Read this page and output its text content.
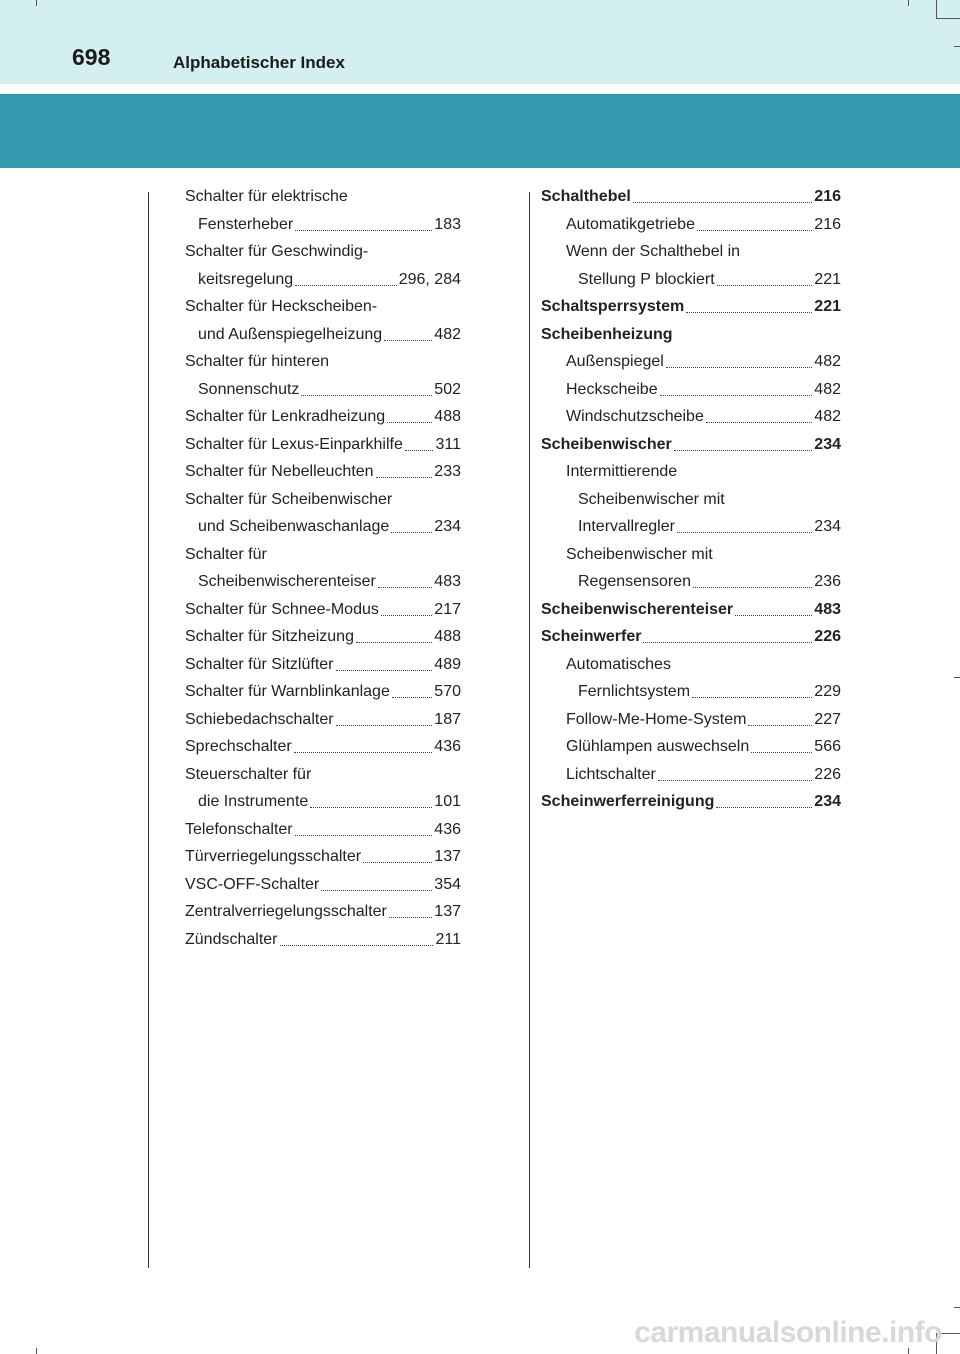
698	Alphabetischer Index
Schalter für elektrische
Fensterheber	183
Schalter für Geschwindig-
keitsregelung	296, 284
Schalter für Heckscheiben-
und Außenspiegelheizung	482
Schalter für hinteren
Sonnenschutz	502
Schalter für Lenkradheizung	488
Schalter für Lexus-Einparkhilfe 311
Schalter für Nebelleuchten	233
Schalter für Scheibenwischer
und Scheibenwaschanlage	234
Schalter für
Scheibenwischerenteiser	483
Schalter für Schnee-Modus	217
Schalter für Sitzheizung	488
Schalter für Sitzlüfter	489
Schalter für Warnblinkanlage	570
Schiebedachschalter	187
Sprechschalter	436
Steuerschalter für
die Instrumente	101
Telefonschalter	436
Türverriegelungsschalter	137
VSC-OFF-Schalter	354
Zentralverriegelungsschalter	137
Zündschalter	211
Schalthebel	216
Automatikgetriebe	216
Wenn der Schalthebel in
Stellung P blockiert	221
Schaltsperrsystem	221
Scheibenheizung
Außenspiegel	482
Heckscheibe	482
Windschutzscheibe	482
Scheibenwischer	234
Intermittierende
Scheibenwischer mit
Intervallregler	234
Scheibenwischer mit
Regensensoren	236
Scheibenwischerenteiser	483
Scheinwerfer	226
Automatisches
Fernlichtsystem	229
Follow-Me-Home-System	227
Glühlampen auswechseln	566
Lichtschalter	226
Scheinwerferreinigung	234
carmanualsonline.info
